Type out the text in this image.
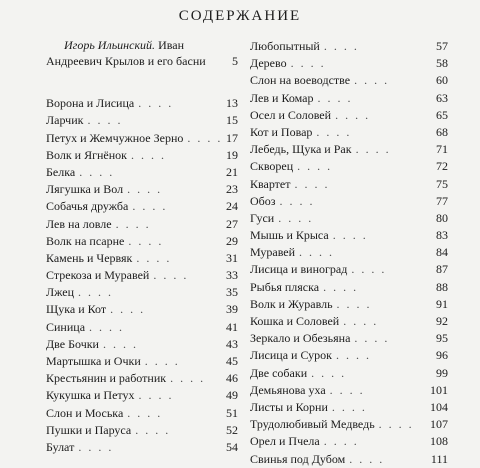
СОДЕРЖАНИЕ
Игорь Ильинский. Иван Андреевич Крылов и его басни 5
Ворона и Лисица . . . .	13
Ларчик . . . .	15
Петух и Жемчужное Зерно . . . . 17
Волк и Ягнёнок . . . .	19
Белка . . . .	21
Лягушка и Вол . . . .	23
Собачья дружба . . . .	24
Лев на ловле . . . .	27
Волк на псарне . . . .	29
Камень и Червяк . . . .	31
Стрекоза и Муравей . . . .	33
Лжец . . . .	35
Щука и Кот . . . .	39
Синица . . . .	41
Две Бочки . . . .	43
Мартышка и Очки . . . .	45
Крестьянин и работник . . . . 46
Кукушка и Петух . . . .	49
Слон и Моська . . . .	51
Пушки и Паруса . . . .	52
Булат . . . .	54
Любопытный . . . .	57
Дерево . . . .	58
Слон на воеводстве . . . .	60
Лев и Комар . . . .	63
Осел и Соловей . . . .	65
Кот и Повар . . . .	68
Лебедь, Щука и Рак . . . .	71
Скворец . . . .	72
Квартет . . . .	75
Обоз . . . .	77
Гуси . . . .	80
Мышь и Крыса . . . .	83
Муравей . . . .	84
Лисица и виноград . . . .	87
Рыбья пляска . . . .	88
Волк и Журавль . . . .	91
Кошка и Соловей . . . .	92
Зеркало и Обезьяна . . . .	95
Лисица и Сурок . . . .	96
Две собаки . . . .	99
Демьянова уха . . . .	101
Листы и Корни . . . .	104
Трудолюбивый Медведь . . . . 107
Орел и Пчела . . . .	108
Свинья под Дубом . . . .	111
